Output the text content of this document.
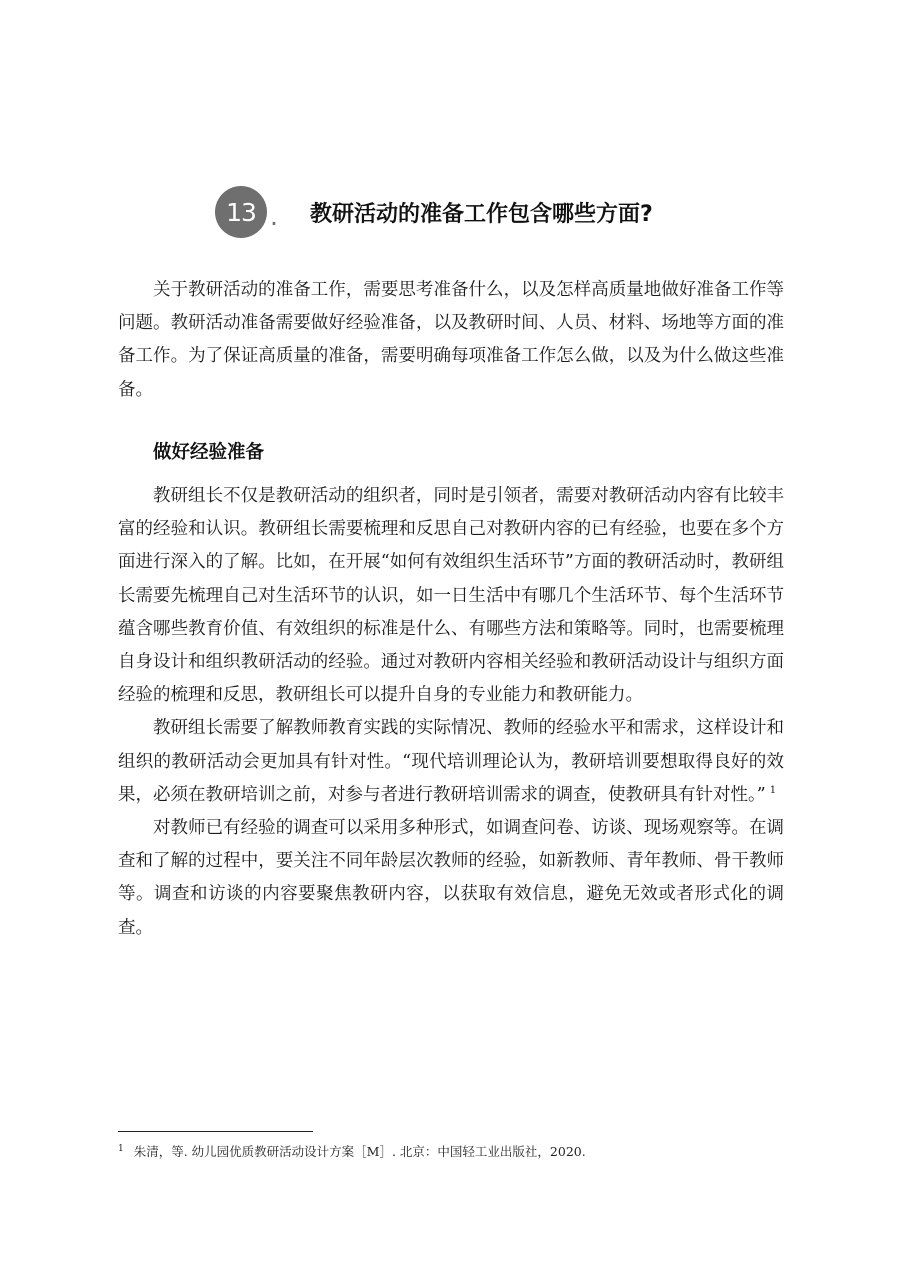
13 . 教研活动的准备工作包含哪些方面?

关于教研活动的准备工作，需要思考准备什么，以及怎样高质量地做好准备工作等问题。教研活动准备需要做好经验准备，以及教研时间、人员、材料、场地等方面的准备工作。为了保证高质量的准备，需要明确每项准备工作怎么做，以及为什么做这些准备。

做好经验准备

教研组长不仅是教研活动的组织者，同时是引领者，需要对教研活动内容有比较丰富的经验和认识。教研组长需要梳理和反思自己对教研内容的已有经验，也要在多个方面进行深入的了解。比如，在开展“如何有效组织生活环节”方面的教研活动时，教研组长需要先梳理自己对生活环节的认识，如一日生活中有哪几个生活环节、每个生活环节蕴含哪些教育价值、有效组织的标准是什么、有哪些方法和策略等。同时，也需要梳理自身设计和组织教研活动的经验。通过对教研内容相关经验和教研活动设计与组织方面经验的梳理和反思，教研组长可以提升自身的专业能力和教研能力。

教研组长需要了解教师教育实践的实际情况、教师的经验水平和需求，这样设计和组织的教研活动会更加具有针对性。“现代培训理论认为，教研培训要想取得良好的效果，必须在教研培训之前，对参与者进行教研培训需求的调查，使教研具有针对性。” $^1$

对教师已有经验的调查可以采用多种形式，如调查问卷、访谈、现场观察等。在调查和了解的过程中，要关注不同年龄层次教师的经验，如新教师、青年教师、骨干教师等。调查和访谈的内容要聚焦教研内容，以获取有效信息，避免无效或者形式化的调查。

$^1$ 朱清，等. 幼儿园优质教研活动设计方案［M］. 北京：中国轻工业出版社，2020.
